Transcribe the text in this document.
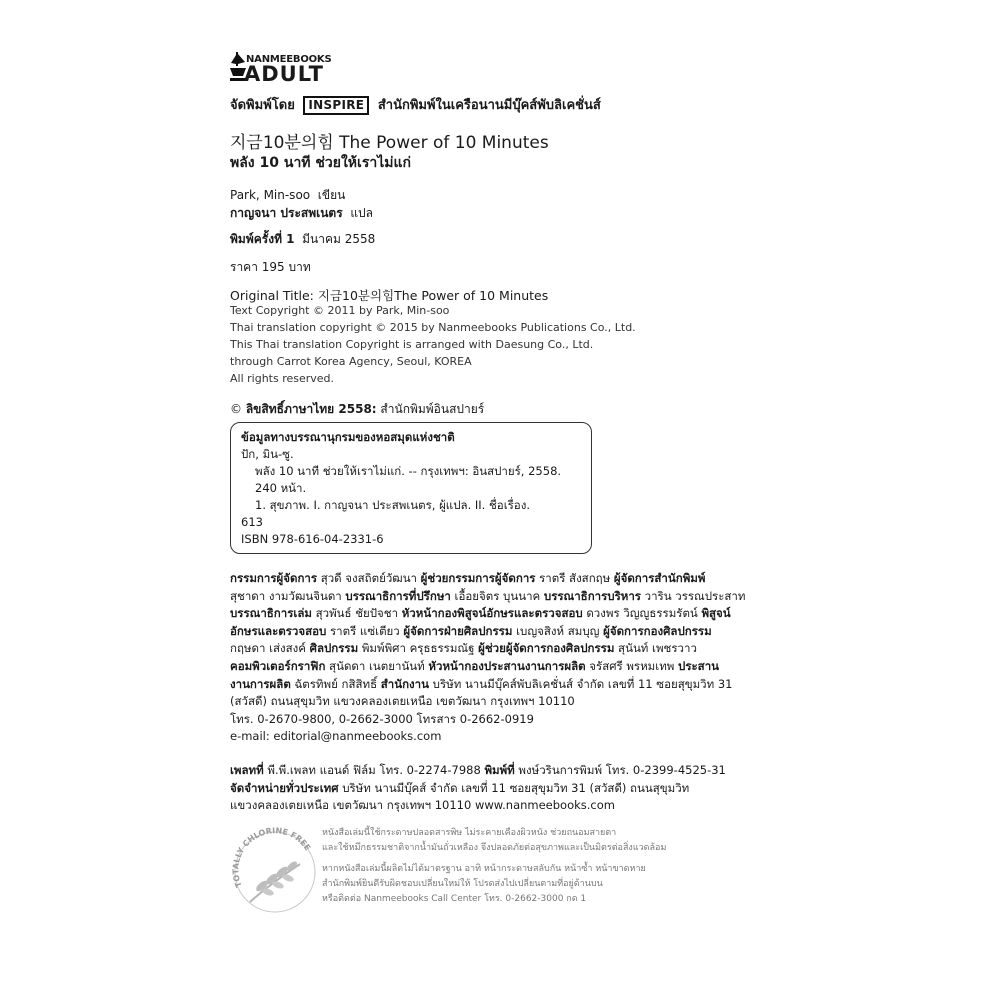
NANMEEBOOKS
ADULT
จัดพิมพ์โดย INSPIRE สำนักพิมพ์ในเครือนานมีบุ๊คส์พับลิเคชั่นส์
지금10분의힘 The Power of 10 Minutes
พลัง 10 นาที ช่วยให้เราไม่แก่
Park, Min-soo เขียน
กาญจนา ประสพเนตร แปล
พิมพ์ครั้งที่ 1 มีนาคม 2558
ราคา 195 บาท
Original Title: 지금10분의힘The Power of 10 Minutes
Text Copyright © 2011 by Park, Min-soo
Thai translation copyright © 2015 by Nanmeebooks Publications Co., Ltd.
This Thai translation Copyright is arranged with Daesung Co., Ltd.
through Carrot Korea Agency, Seoul, KOREA
All rights reserved.
© ลิขสิทธิ์ภาษาไทย 2558: สำนักพิมพ์อินสปายร์
ข้อมูลทางบรรณานุกรมของหอสมุดแห่งชาติ
ปัก, มิน-ซู.
พลัง 10 นาที ช่วยให้เราไม่แก่. -- กรุงเทพฯ: อินสปายร์, 2558.
240 หน้า.
1. สุขภาพ. I. กาญจนา ประสพเนตร, ผู้แปล. II. ชื่อเรื่อง.
613
ISBN 978-616-04-2331-6
กรรมการผู้จัดการ สุวดี จงสถิตย์วัฒนา ผู้ช่วยกรรมการผู้จัดการ ราตรี สังสกฤษ ผู้จัดการสำนักพิมพ์
สุชาดา งามวัฒนจินดา บรรณาธิการที่ปรึกษา เอื้อยจิตร บุนนาค บรรณาธิการบริหาร วาริน วรรณประสาท
บรรณาธิการเล่ม สุวพันธ์ ชัยปัจชา หัวหน้ากองพิสูจน์อักษรและตรวจสอบ ดวงพร วิญญูธรรมรัตน์ พิสูจน์
อักษรและตรวจสอบ ราตรี แซ่เตียว ผู้จัดการฝ่ายศิลปกรรม เบญจสิงห์ สมบุญ ผู้จัดการกองศิลปกรรม
กฤษดา เส่งสงค์ ศิลปกรรม พิมพ์พิศา ครุธธรรมณัฐ ผู้ช่วยผู้จัดการกองศิลปกรรม สุนันท์ เพชรวาว
คอมพิวเตอร์กราฟิก สุนัดดา เนตยานันท์ หัวหน้ากองประสานงานการผลิต จรัสศรี พรหมเทพ ประสาน
งานการผลิต ฉัตรทิพย์ กสิสิทธิ์ สำนักงาน บริษัท นานมีบุ๊คส์พับลิเคชั่นส์ จำกัด เลขที่ 11 ซอยสุขุมวิท 31
(สวัสดี) ถนนสุขุมวิท แขวงคลองเตยเหนือ เขตวัฒนา กรุงเทพฯ 10110
โทร. 0-2670-9800, 0-2662-3000 โทรสาร 0-2662-0919
e-mail: editorial@nanmeebooks.com
เพลทที่ พี.พี.เพลท แอนด์ ฟิล์ม โทร. 0-2274-7988 พิมพ์ที่ พงษ์วรินการพิมพ์ โทร. 0-2399-4525-31
จัดจำหน่ายทั่วประเทศ บริษัท นานมีบุ๊คส์ จำกัด เลขที่ 11 ซอยสุขุมวิท 31 (สวัสดี) ถนนสุขุมวิท
แขวงคลองเตยเหนือ เขตวัฒนา กรุงเทพฯ 10110 www.nanmeebooks.com
TOTALLY CHLORINE FREE
หนังสือเล่มนี้ใช้กระดาษปลอดสารพิษ ไม่ระคายเคืองผิวหนัง ช่วยถนอมสายตา
และใช้หมึกธรรมชาติจากน้ำมันถั่วเหลือง จึงปลอดภัยต่อสุขภาพและเป็นมิตรต่อสิ่งแวดล้อม
หากหนังสือเล่มนี้ผลิตไม่ได้มาตรฐาน อาทิ หน้ากระดาษสลับกัน หน้าซ้ำ หน้าขาดหาย
สำนักพิมพ์ยินดีรับผิดชอบเปลี่ยนใหม่ให้ โปรดส่งไปเปลี่ยนตามที่อยู่ด้านบน
หรือติดต่อ Nanmeebooks Call Center โทร. 0-2662-3000 กด 1
